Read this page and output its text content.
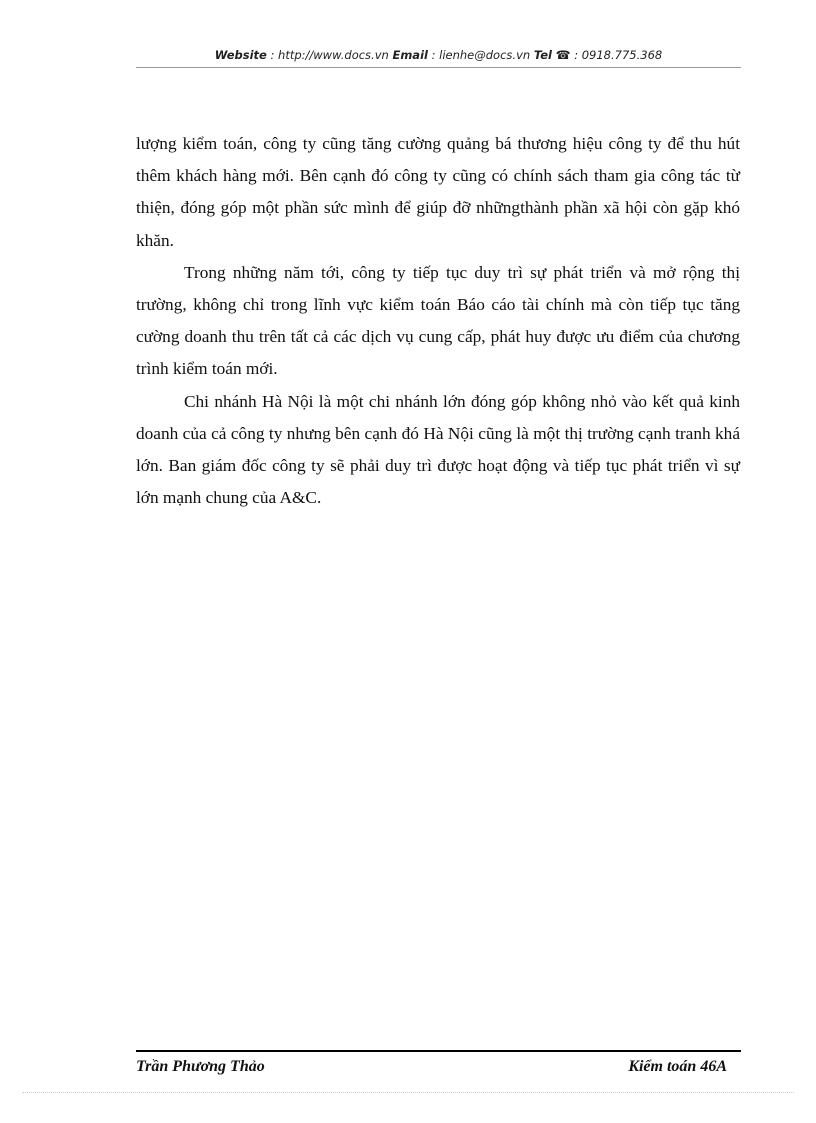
Website : http://www.docs.vn Email : lienhe@docs.vn Tel ☎ : 0918.775.368

lượng kiểm toán, công ty cũng tăng cường quảng bá thương hiệu công ty để thu hút thêm khách hàng mới. Bên cạnh đó công ty cũng có chính sách tham gia công tác từ thiện, đóng góp một phần sức mình để giúp đỡ nhữngthành phần xã hội còn gặp khó khăn.

Trong những năm tới, công ty tiếp tục duy trì sự phát triển và mở rộng thị trường, không chỉ trong lĩnh vực kiểm toán Báo cáo tài chính mà còn tiếp tục tăng cường doanh thu trên tất cả các dịch vụ cung cấp, phát huy được ưu điểm của chương trình kiểm toán mới.

Chi nhánh Hà Nội là một chi nhánh lớn đóng góp không nhỏ vào kết quả kinh doanh của cả công ty nhưng bên cạnh đó Hà Nội cũng là một thị trường cạnh tranh khá lớn. Ban giám đốc công ty sẽ phải duy trì được hoạt động và tiếp tục phát triển vì sự lớn mạnh chung của A&C.

Trần Phương Thảo	Kiểm toán 46A
